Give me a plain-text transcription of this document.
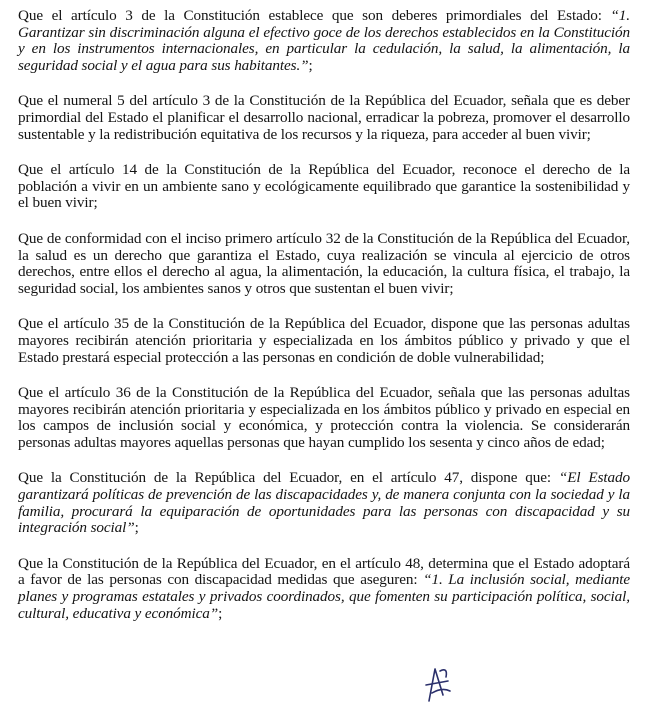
Que el artículo 3 de la Constitución establece que son deberes primordiales del Estado: “1. Garantizar sin discriminación alguna el efectivo goce de los derechos establecidos en la Constitución y en los instrumentos internacionales, en particular la cedulación, la salud, la alimentación, la seguridad social y el agua para sus habitantes.”;

Que el numeral 5 del artículo 3 de la Constitución de la República del Ecuador, señala que es deber primordial del Estado el planificar el desarrollo nacional, erradicar la pobreza, promover el desarrollo sustentable y la redistribución equitativa de los recursos y la riqueza, para acceder al buen vivir;

Que el artículo 14 de la Constitución de la República del Ecuador, reconoce el derecho de la población a vivir en un ambiente sano y ecológicamente equilibrado que garantice la sostenibilidad y el buen vivir;

Que de conformidad con el inciso primero artículo 32 de la Constitución de la República del Ecuador, la salud es un derecho que garantiza el Estado, cuya realización se vincula al ejercicio de otros derechos, entre ellos el derecho al agua, la alimentación, la educación, la cultura física, el trabajo, la seguridad social, los ambientes sanos y otros que sustentan el buen vivir;

Que el artículo 35 de la Constitución de la República del Ecuador, dispone que las personas adultas mayores recibirán atención prioritaria y especializada en los ámbitos público y privado y que el Estado prestará especial protección a las personas en condición de doble vulnerabilidad;

Que el artículo 36 de la Constitución de la República del Ecuador, señala que las personas adultas mayores recibirán atención prioritaria y especializada en los ámbitos público y privado en especial en los campos de inclusión social y económica, y protección contra la violencia. Se considerarán personas adultas mayores aquellas personas que hayan cumplido los sesenta y cinco años de edad;

Que la Constitución de la República del Ecuador, en el artículo 47, dispone que: “El Estado garantizará políticas de prevención de las discapacidades y, de manera conjunta con la sociedad y la familia, procurará la equiparación de oportunidades para las personas con discapacidad y su integración social”;

Que la Constitución de la República del Ecuador, en el artículo 48, determina que el Estado adoptará a favor de las personas con discapacidad medidas que aseguren: “1. La inclusión social, mediante planes y programas estatales y privados coordinados, que fomenten su participación política, social, cultural, educativa y económica”;
